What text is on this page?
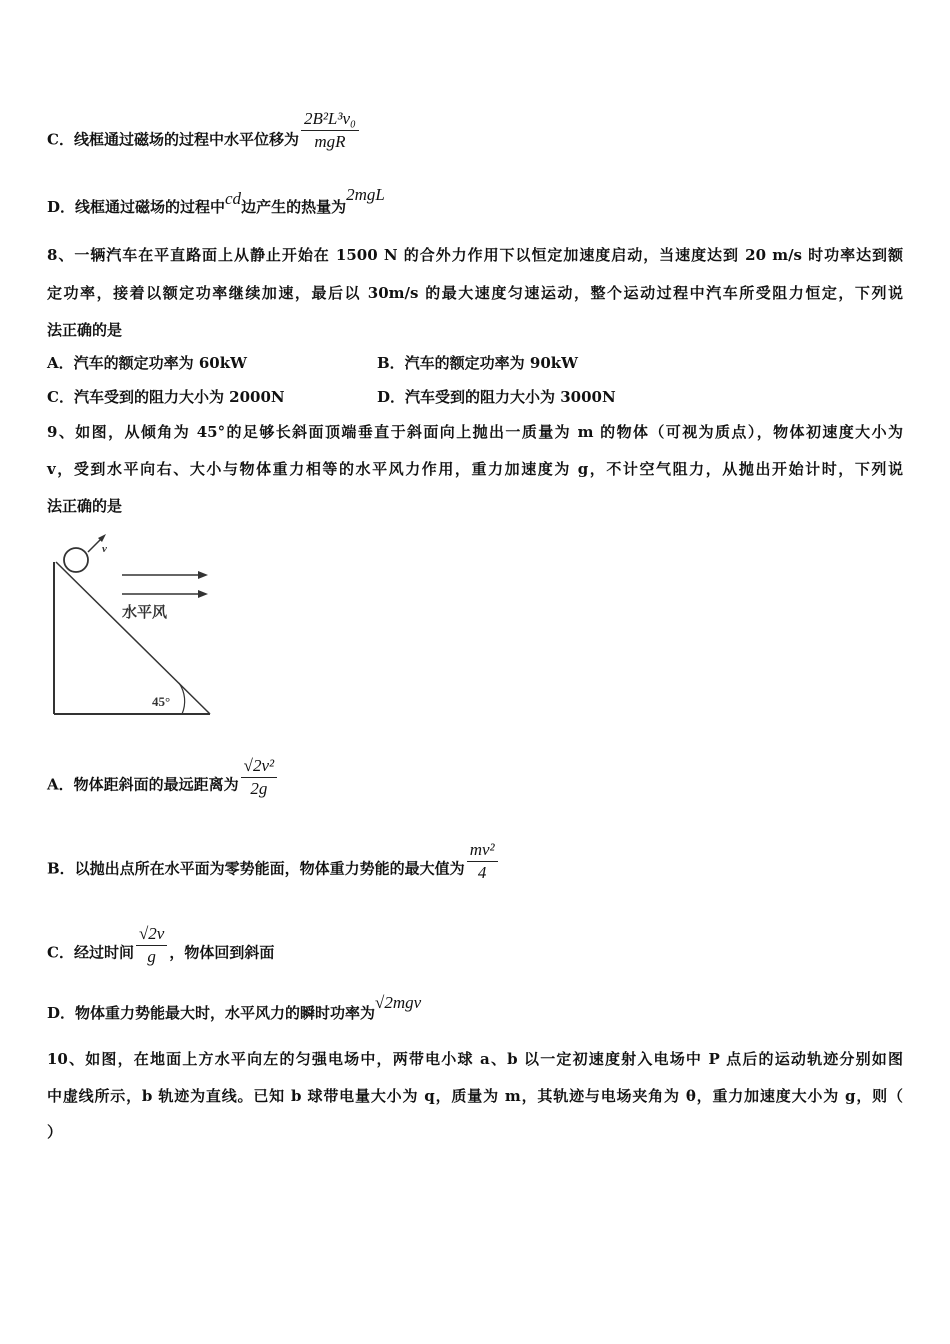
C．线框通过磁场的过程中水平位移为 $\frac{\text{2B²L³v₀}}{\text{mgR}}$
D．线框通过磁场的过程中cd边产生的热量为2mgL
8、一辆汽车在平直路面上从静止开始在 1500 N 的合外力作用下以恒定加速度启动，当速度达到 20 m/s 时功率达到额
定功率，接着以额定功率继续加速，最后以 30m/s 的最大速度匀速运动，整个运动过程中汽车所受阻力恒定，下列说
法正确的是
A．汽车的额定功率为 60kW	B．汽车的额定功率为 90kW
C．汽车受到的阻力大小为 2000N	D．汽车受到的阻力大小为 3000N
9、如图，从倾角为 45°的足够长斜面顶端垂直于斜面向上抛出一质量为 m 的物体（可视为质点），物体初速度大小为
v，受到水平向右、大小与物体重力相等的水平风力作用，重力加速度为 g，不计空气阻力，从抛出开始计时，下列说
法正确的是
v
水平风
45°
A．物体距斜面的最远距离为 $\frac{\text{√2v²}}{2g}$
B．以抛出点所在水平面为零势能面，物体重力势能的最大值为 $\frac{\text{mv²}}{4}$
C．经过时间 $\frac{√2v}{g}$ ，物体回到斜面
D．物体重力势能最大时，水平风力的瞬时功率为√2mgv
10、如图，在地面上方水平向左的匀强电场中，两带电小球 a、b 以一定初速度射入电场中 P 点后的运动轨迹分别如图
中虚线所示，b 轨迹为直线。已知 b 球带电量大小为 q，质量为 m，其轨迹与电场夹角为 θ，重力加速度大小为 g，则（
）
